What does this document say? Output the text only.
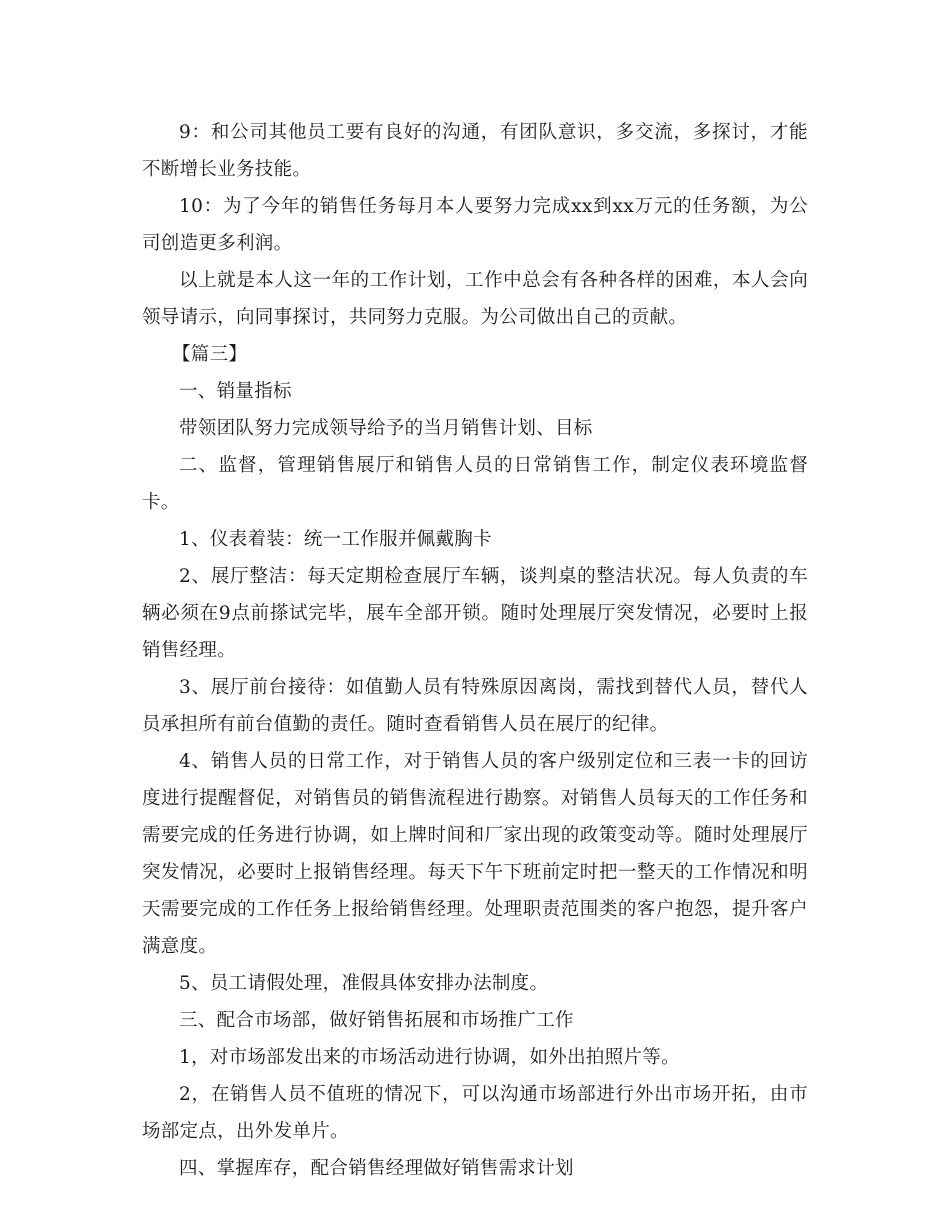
9：和公司其他员工要有良好的沟通，有团队意识，多交流，多探讨，才能不断增长业务技能。

10：为了今年的销售任务每月本人要努力完成xx到xx万元的任务额，为公司创造更多利润。

以上就是本人这一年的工作计划，工作中总会有各种各样的困难，本人会向领导请示，向同事探讨，共同努力克服。为公司做出自己的贡献。

【篇三】

一、销量指标

带领团队努力完成领导给予的当月销售计划、目标

二、监督，管理销售展厅和销售人员的日常销售工作，制定仪表环境监督卡。

1、仪表着装：统一工作服并佩戴胸卡

2、展厅整洁：每天定期检查展厅车辆，谈判桌的整洁状况。每人负责的车辆必须在9点前搽试完毕，展车全部开锁。随时处理展厅突发情况，必要时上报销售经理。

3、展厅前台接待：如值勤人员有特殊原因离岗，需找到替代人员，替代人员承担所有前台值勤的责任。随时查看销售人员在展厅的纪律。

4、销售人员的日常工作，对于销售人员的客户级别定位和三表一卡的回访度进行提醒督促，对销售员的销售流程进行勘察。对销售人员每天的工作任务和需要完成的任务进行协调，如上牌时间和厂家出现的政策变动等。随时处理展厅突发情况，必要时上报销售经理。每天下午下班前定时把一整天的工作情况和明天需要完成的工作任务上报给销售经理。处理职责范围类的客户抱怨，提升客户满意度。

5、员工请假处理，准假具体安排办法制度。

三、配合市场部，做好销售拓展和市场推广工作

1，对市场部发出来的市场活动进行协调，如外出拍照片等。

2，在销售人员不值班的情况下，可以沟通市场部进行外出市场开拓，由市场部定点，出外发单片。

四、掌握库存，配合销售经理做好销售需求计划
